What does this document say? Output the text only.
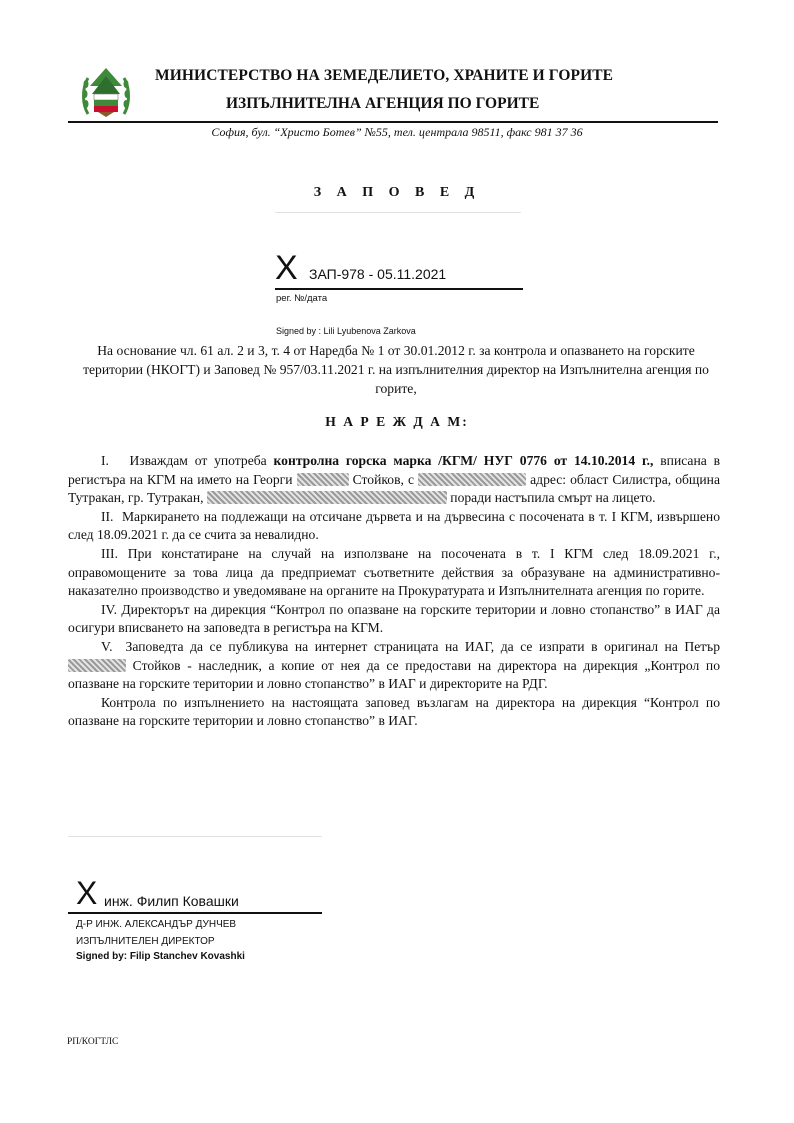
МИНИСТЕРСТВО НА ЗЕМЕДЕЛИЕТО, ХРАНИТЕ И ГОРИТЕ
ИЗПЪЛНИТЕЛНА АГЕНЦИЯ ПО ГОРИТЕ
София, бул. “Христо Ботев” №55, тел. централа 98511, факс 981 37 36
З А П О В Е Д
X ЗАП-978 - 05.11.2021
рег. №/дата
Signed by : Lili Lyubenova Zarkova
На основание чл. 61 ал. 2 и 3, т. 4 от Наредба № 1 от 30.01.2012 г. за контрола и опазването на горските територии (НКОГТ) и Заповед № 957/03.11.2021 г. на изпълнителния директор на Изпълнителна агенция по горите,
Н А Р Е Ж Д А М:

I. Изваждам от употреба контролна горска марка /КГМ/ НУГ 0776 от 14.10.2014 г., вписана в регистъра на КГМ на името на Георги	Стойков, с	адрес: област Силистра, община Тутракан, гр. Тутракан,	поради настъпила смърт на лицето.

II. Маркирането на подлежащи на отсичане дървета и на дървесина с посочената в т. I КГМ, извършено след 18.09.2021 г. да се счита за невалидно.

III. При констатиране на случай на използване на посочената в т. I КГМ след 18.09.2021 г., оправомощените за това лица да предприемат съответните действия за образуване на административно-наказателно производство и уведомяване на органите на Прокуратурата и Изпълнителната агенция по горите.

IV. Директорът на дирекция “Контрол по опазване на горските територии и ловно стопанство” в ИАГ да осигури вписването на заповедта в регистъра на КГМ.

V. Заповедта да се публикува на интернет страницата на ИАГ, да се изпрати в оригинал на Петър  Стойков - наследник, а копие от нея да се предостави на директора на дирекция „Контрол по опазване на горските територии и ловно стопанство” в ИАГ и директорите на РДГ.

Контрола по изпълнението на настоящата заповед възлагам на директора на дирекция “Контрол по опазване на горските територии и ловно стопанство” в ИАГ.

X инж. Филип Ковашки
Д-Р ИНЖ. АЛЕКСАНДЪР ДУНЧЕВ
ИЗПЪЛНИТЕЛЕН ДИРЕКТОР
Signed by: Filip Stanchev Kovashki
РП/КОГТЛС
